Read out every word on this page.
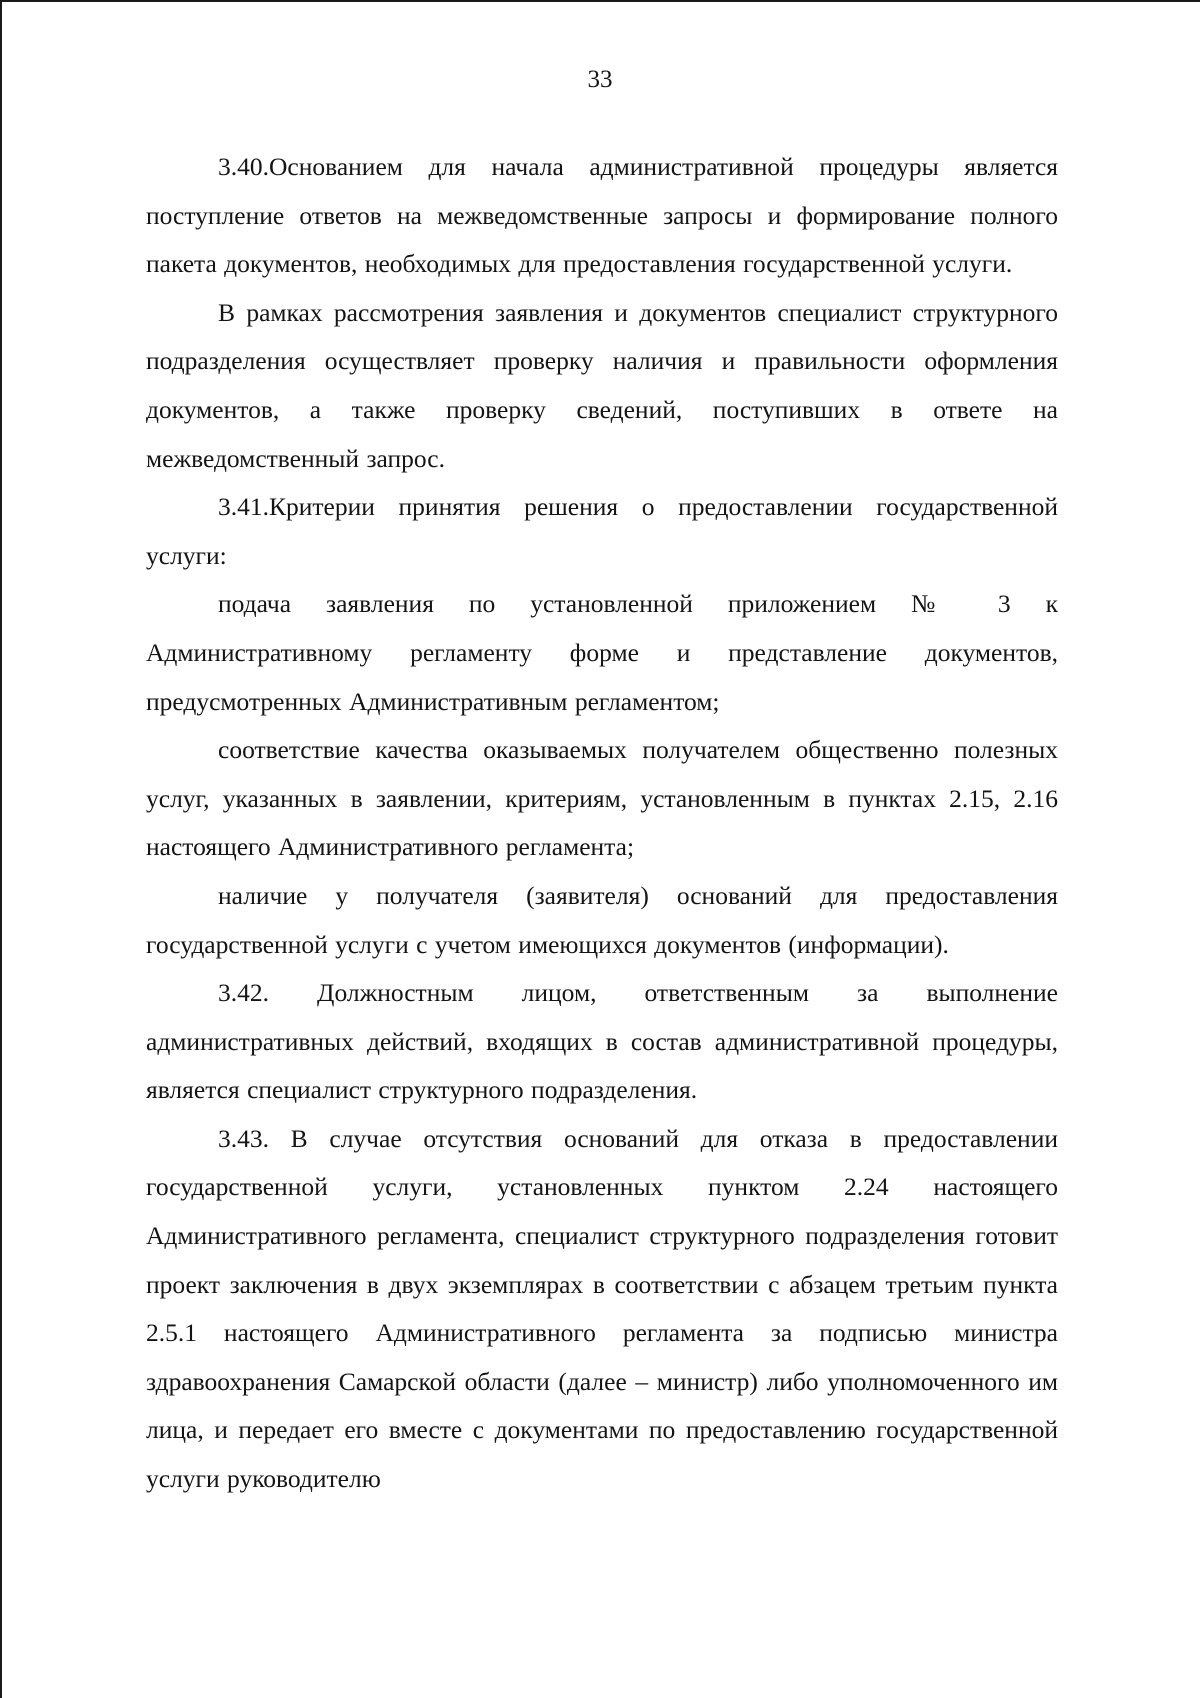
33

3.40.Основанием для начала административной процедуры является поступление ответов на межведомственные запросы и формирование полного пакета документов, необходимых для предоставления государственной услуги.

В рамках рассмотрения заявления и документов специалист структурного подразделения осуществляет проверку наличия и правильности оформления документов, а также проверку сведений, поступивших в ответе на межведомственный запрос.

3.41.Критерии принятия решения о предоставлении государственной услуги:

подача заявления по установленной приложением № 3 к Административному регламенту форме и представление документов, предусмотренных Административным регламентом;

соответствие качества оказываемых получателем общественно полезных услуг, указанных в заявлении, критериям, установленным в пунктах 2.15, 2.16 настоящего Административного регламента;

наличие у получателя (заявителя) оснований для предоставления государственной услуги с учетом имеющихся документов (информации).

3.42. Должностным лицом, ответственным за выполнение административных действий, входящих в состав административной процедуры, является специалист структурного подразделения.

3.43. В случае отсутствия оснований для отказа в предоставлении государственной услуги, установленных пунктом 2.24 настоящего Административного регламента, специалист структурного подразделения готовит проект заключения в двух экземплярах в соответствии с абзацем третьим пункта 2.5.1 настоящего Административного регламента за подписью министра здравоохранения Самарской области (далее – министр) либо уполномоченного им лица, и передает его вместе с документами по предоставлению государственной услуги руководителю
